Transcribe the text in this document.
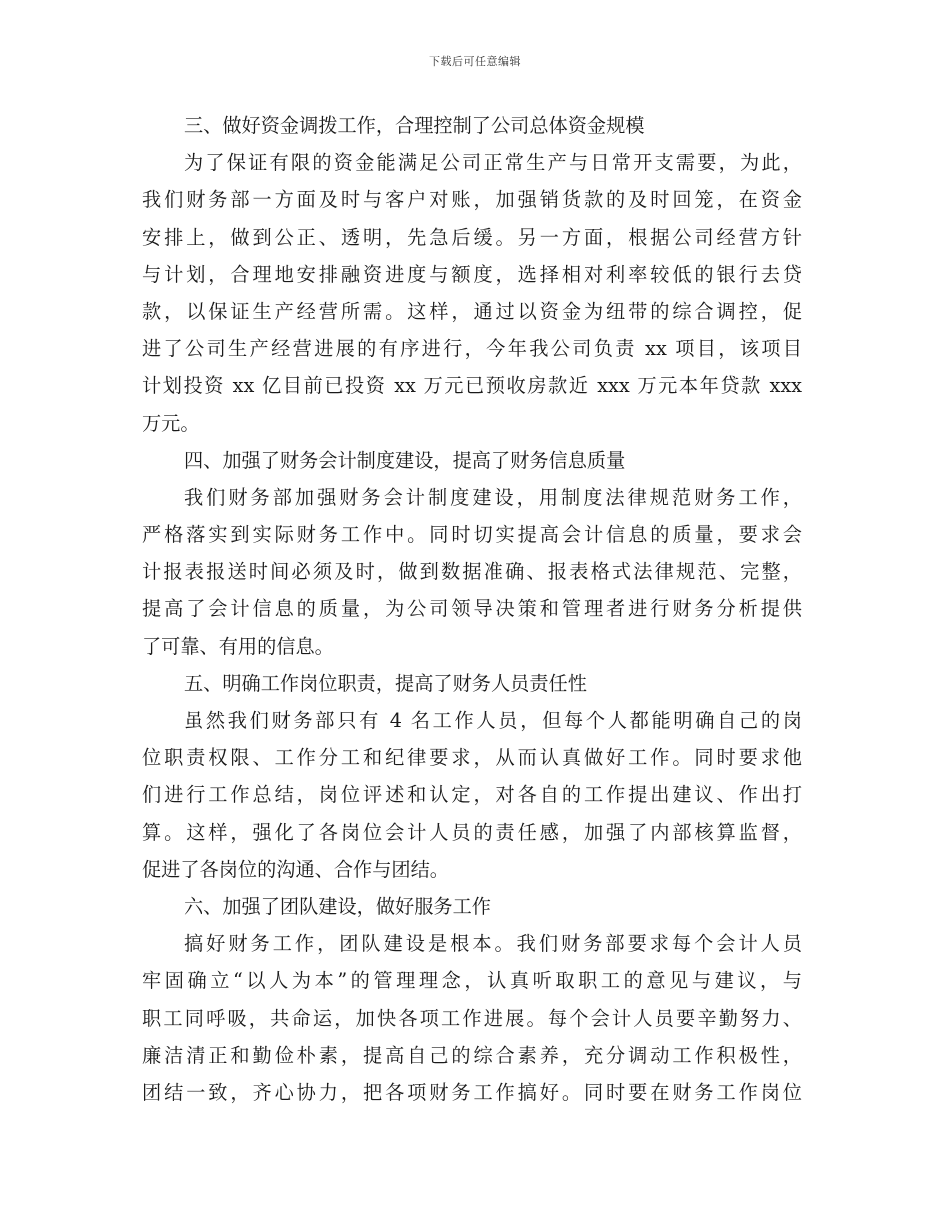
下载后可任意编辑
三、做好资金调拨工作，合理控制了公司总体资金规模
为了保证有限的资金能满足公司正常生产与日常开支需要，为此，
我们财务部一方面及时与客户对账，加强销货款的及时回笼，在资金
安排上，做到公正、透明，先急后缓。另一方面，根据公司经营方针
与计划，合理地安排融资进度与额度，选择相对利率较低的银行去贷
款，以保证生产经营所需。这样，通过以资金为纽带的综合调控，促
进了公司生产经营进展的有序进行，今年我公司负责 xx 项目，该项目
计划投资 xx 亿目前已投资 xx 万元已预收房款近 xxx 万元本年贷款 xxx
万元。
四、加强了财务会计制度建设，提高了财务信息质量
我们财务部加强财务会计制度建设，用制度法律规范财务工作，
严格落实到实际财务工作中。同时切实提高会计信息的质量，要求会
计报表报送时间必须及时，做到数据准确、报表格式法律规范、完整，
提高了会计信息的质量，为公司领导决策和管理者进行财务分析提供
了可靠、有用的信息。
五、明确工作岗位职责，提高了财务人员责任性
虽然我们财务部只有 4 名工作人员，但每个人都能明确自己的岗
位职责权限、工作分工和纪律要求，从而认真做好工作。同时要求他
们进行工作总结，岗位评述和认定，对各自的工作提出建议、作出打
算。这样，强化了各岗位会计人员的责任感，加强了内部核算监督，
促进了各岗位的沟通、合作与团结。
六、加强了团队建设，做好服务工作
搞好财务工作，团队建设是根本。我们财务部要求每个会计人员
牢固确立“以人为本”的管理理念，认真听取职工的意见与建议，与
职工同呼吸，共命运，加快各项工作进展。每个会计人员要辛勤努力、
廉洁清正和勤俭朴素，提高自己的综合素养，充分调动工作积极性，
团结一致，齐心协力，把各项财务工作搞好。同时要在财务工作岗位
